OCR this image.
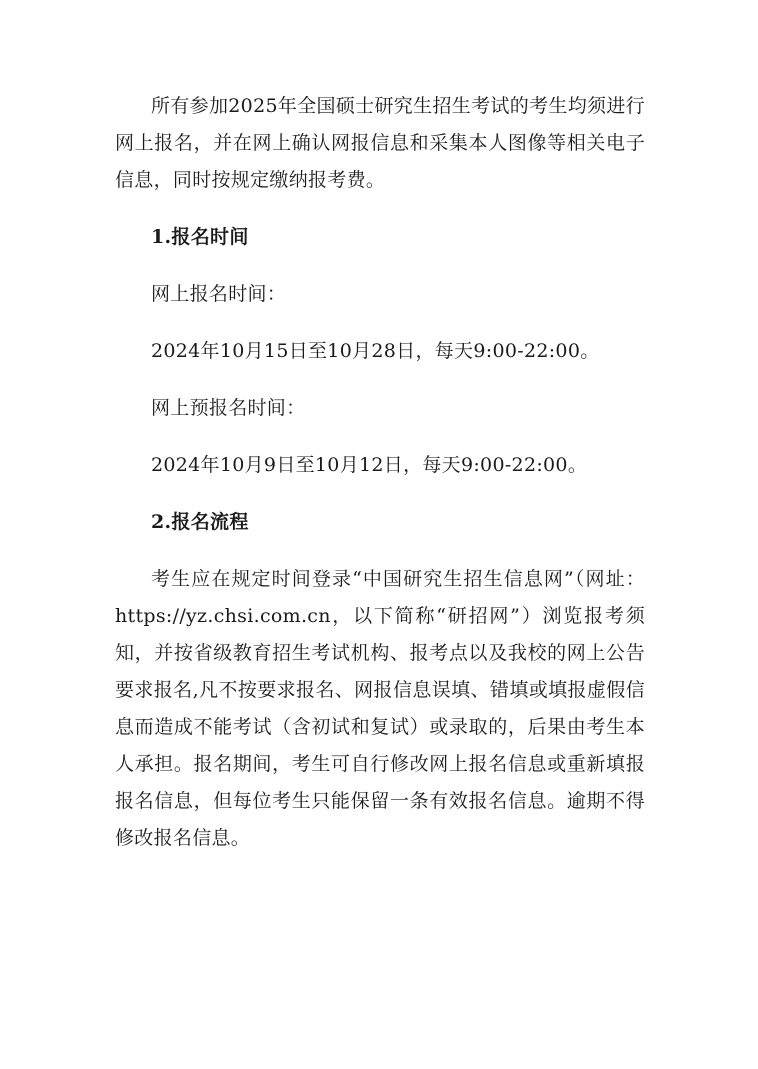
所有参加2025年全国硕士研究生招生考试的考生均须进行网上报名，并在网上确认网报信息和采集本人图像等相关电子信息，同时按规定缴纳报考费。

1.报名时间

网上报名时间：

2024年10月15日至10月28日，每天9:00-22:00。

网上预报名时间：

2024年10月9日至10月12日，每天9:00-22:00。

2.报名流程

考生应在规定时间登录“中国研究生招生信息网”（网址：https://yz.chsi.com.cn，以下简称“研招网”）浏览报考须知，并按省级教育招生考试机构、报考点以及我校的网上公告要求报名,凡不按要求报名、网报信息误填、错填或填报虚假信息而造成不能考试（含初试和复试）或录取的，后果由考生本人承担。报名期间，考生可自行修改网上报名信息或重新填报报名信息，但每位考生只能保留一条有效报名信息。逾期不得修改报名信息。
